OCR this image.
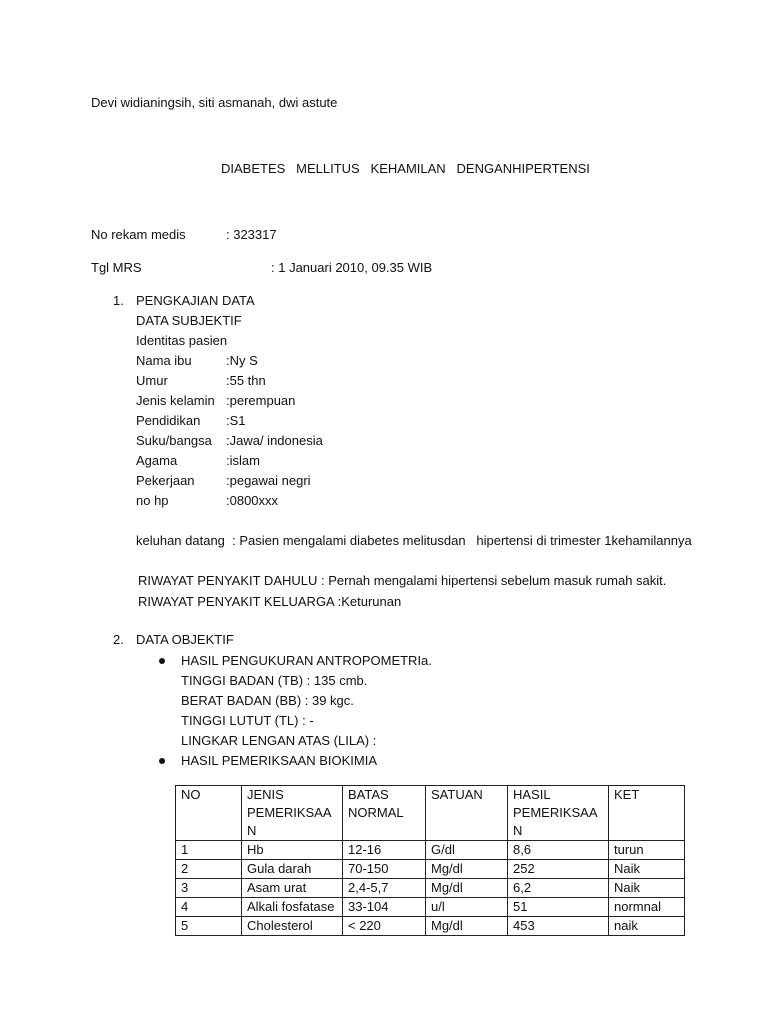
Devi widianingsih, siti asmanah, dwi astute
DIABETES   MELLITUS   KEHAMILAN   DENGANHIPERTENSI
No rekam medis	: 323317
Tgl MRS	: 1 Januari 2010, 09.35 WIB
1. PENGKAJIAN DATA
DATA SUBJEKTIF
Identitas pasien
Nama ibu	:Ny S
Umur	:55 thn
Jenis kelamin :perempuan
Pendidikan :S1
Suku/bangsa :Jawa/ indonesia
Agama	:islam
Pekerjaan :pegawai negri
no hp	:0800xxx
keluhan datang  : Pasien mengalami diabetes melitusdan   hipertensi di trimester 1kehamilannya
RIWAYAT PENYAKIT DAHULU : Pernah mengalami hipertensi sebelum masuk rumah sakit.
RIWAYAT PENYAKIT KELUARGA :Keturunan
2. DATA OBJEKTIF
HASIL PENGUKURAN ANTROPOMETRIa.
TINGGI BADAN (TB) : 135 cmb.
BERAT BADAN (BB) : 39 kgc.
TINGGI LUTUT (TL) : -
LINGKAR LENGAN ATAS (LILA) :
HASIL PEMERIKSAAN BIOKIMIA
NO	JENIS PEMERIKSAAN	BATAS NORMAL	SATUAN	HASIL PEMERIKSAAN	KET
1	Hb	12-16	G/dl	8,6	turun
2	Gula darah	70-150	Mg/dl	252	Naik
3	Asam urat	2,4-5,7	Mg/dl	6,2	Naik
4	Alkali fosfatase	33-104	u/l	51	normnal
5	Cholesterol	< 220	Mg/dl	453	naik
